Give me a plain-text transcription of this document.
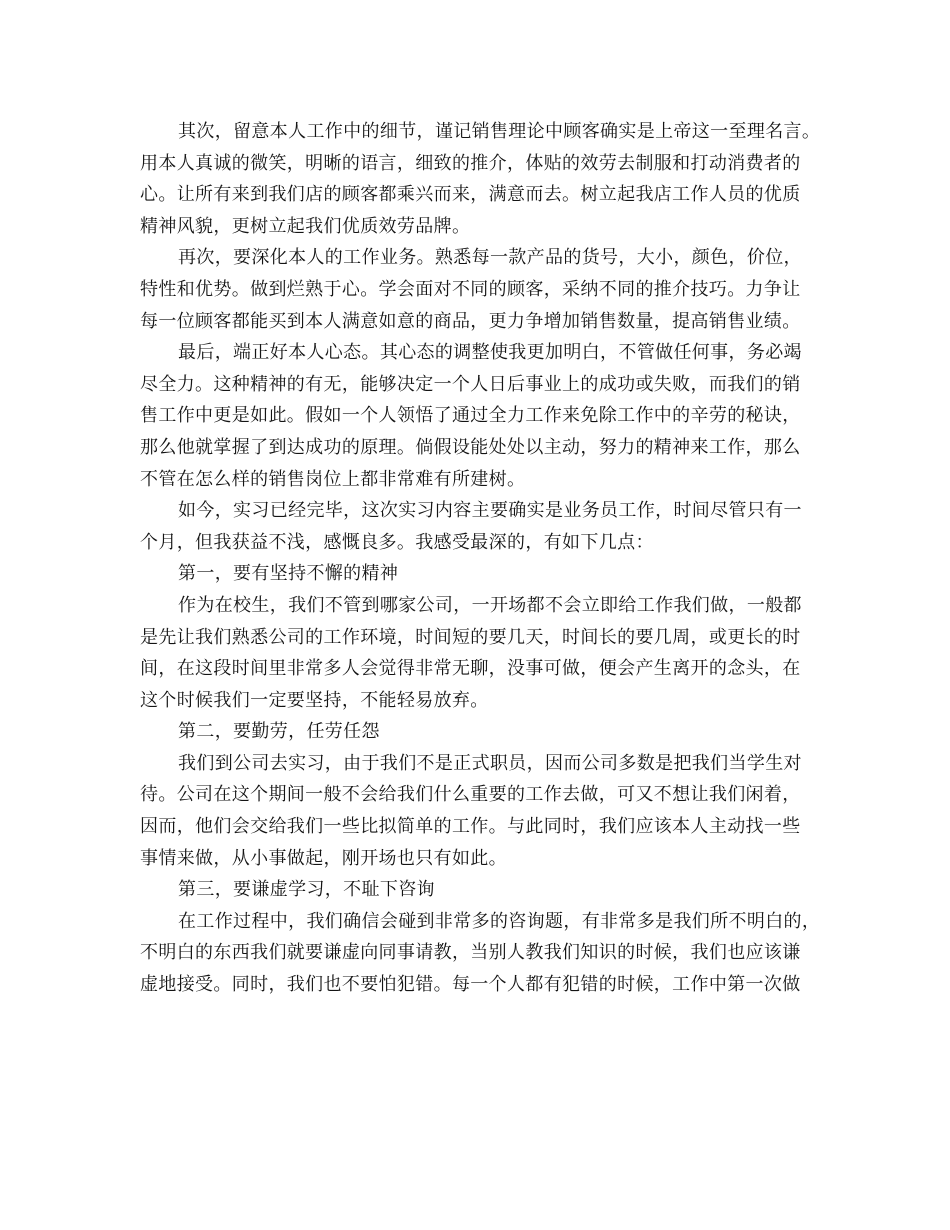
其次，留意本人工作中的细节，谨记销售理论中顾客确实是上帝这一至理名言。
用本人真诚的微笑，明晰的语言，细致的推介，体贴的效劳去制服和打动消费者的
心。让所有来到我们店的顾客都乘兴而来，满意而去。树立起我店工作人员的优质
精神风貌，更树立起我们优质效劳品牌。
再次，要深化本人的工作业务。熟悉每一款产品的货号，大小，颜色，价位，
特性和优势。做到烂熟于心。学会面对不同的顾客，采纳不同的推介技巧。力争让
每一位顾客都能买到本人满意如意的商品，更力争增加销售数量，提高销售业绩。
最后，端正好本人心态。其心态的调整使我更加明白，不管做任何事，务必竭
尽全力。这种精神的有无，能够决定一个人日后事业上的成功或失败，而我们的销
售工作中更是如此。假如一个人领悟了通过全力工作来免除工作中的辛劳的秘诀，
那么他就掌握了到达成功的原理。倘假设能处处以主动，努力的精神来工作，那么
不管在怎么样的销售岗位上都非常难有所建树。
如今，实习已经完毕，这次实习内容主要确实是业务员工作，时间尽管只有一
个月，但我获益不浅，感慨良多。我感受最深的，有如下几点：
第一，要有坚持不懈的精神
作为在校生，我们不管到哪家公司，一开场都不会立即给工作我们做，一般都
是先让我们熟悉公司的工作环境，时间短的要几天，时间长的要几周，或更长的时
间，在这段时间里非常多人会觉得非常无聊，没事可做，便会产生离开的念头，在
这个时候我们一定要坚持，不能轻易放弃。
第二，要勤劳，任劳任怨
我们到公司去实习，由于我们不是正式职员，因而公司多数是把我们当学生对
待。公司在这个期间一般不会给我们什么重要的工作去做，可又不想让我们闲着，
因而，他们会交给我们一些比拟简单的工作。与此同时，我们应该本人主动找一些
事情来做，从小事做起，刚开场也只有如此。
第三，要谦虚学习，不耻下咨询
在工作过程中，我们确信会碰到非常多的咨询题，有非常多是我们所不明白的，
不明白的东西我们就要谦虚向同事请教，当别人教我们知识的时候，我们也应该谦
虚地接受。同时，我们也不要怕犯错。每一个人都有犯错的时候，工作中第一次做
